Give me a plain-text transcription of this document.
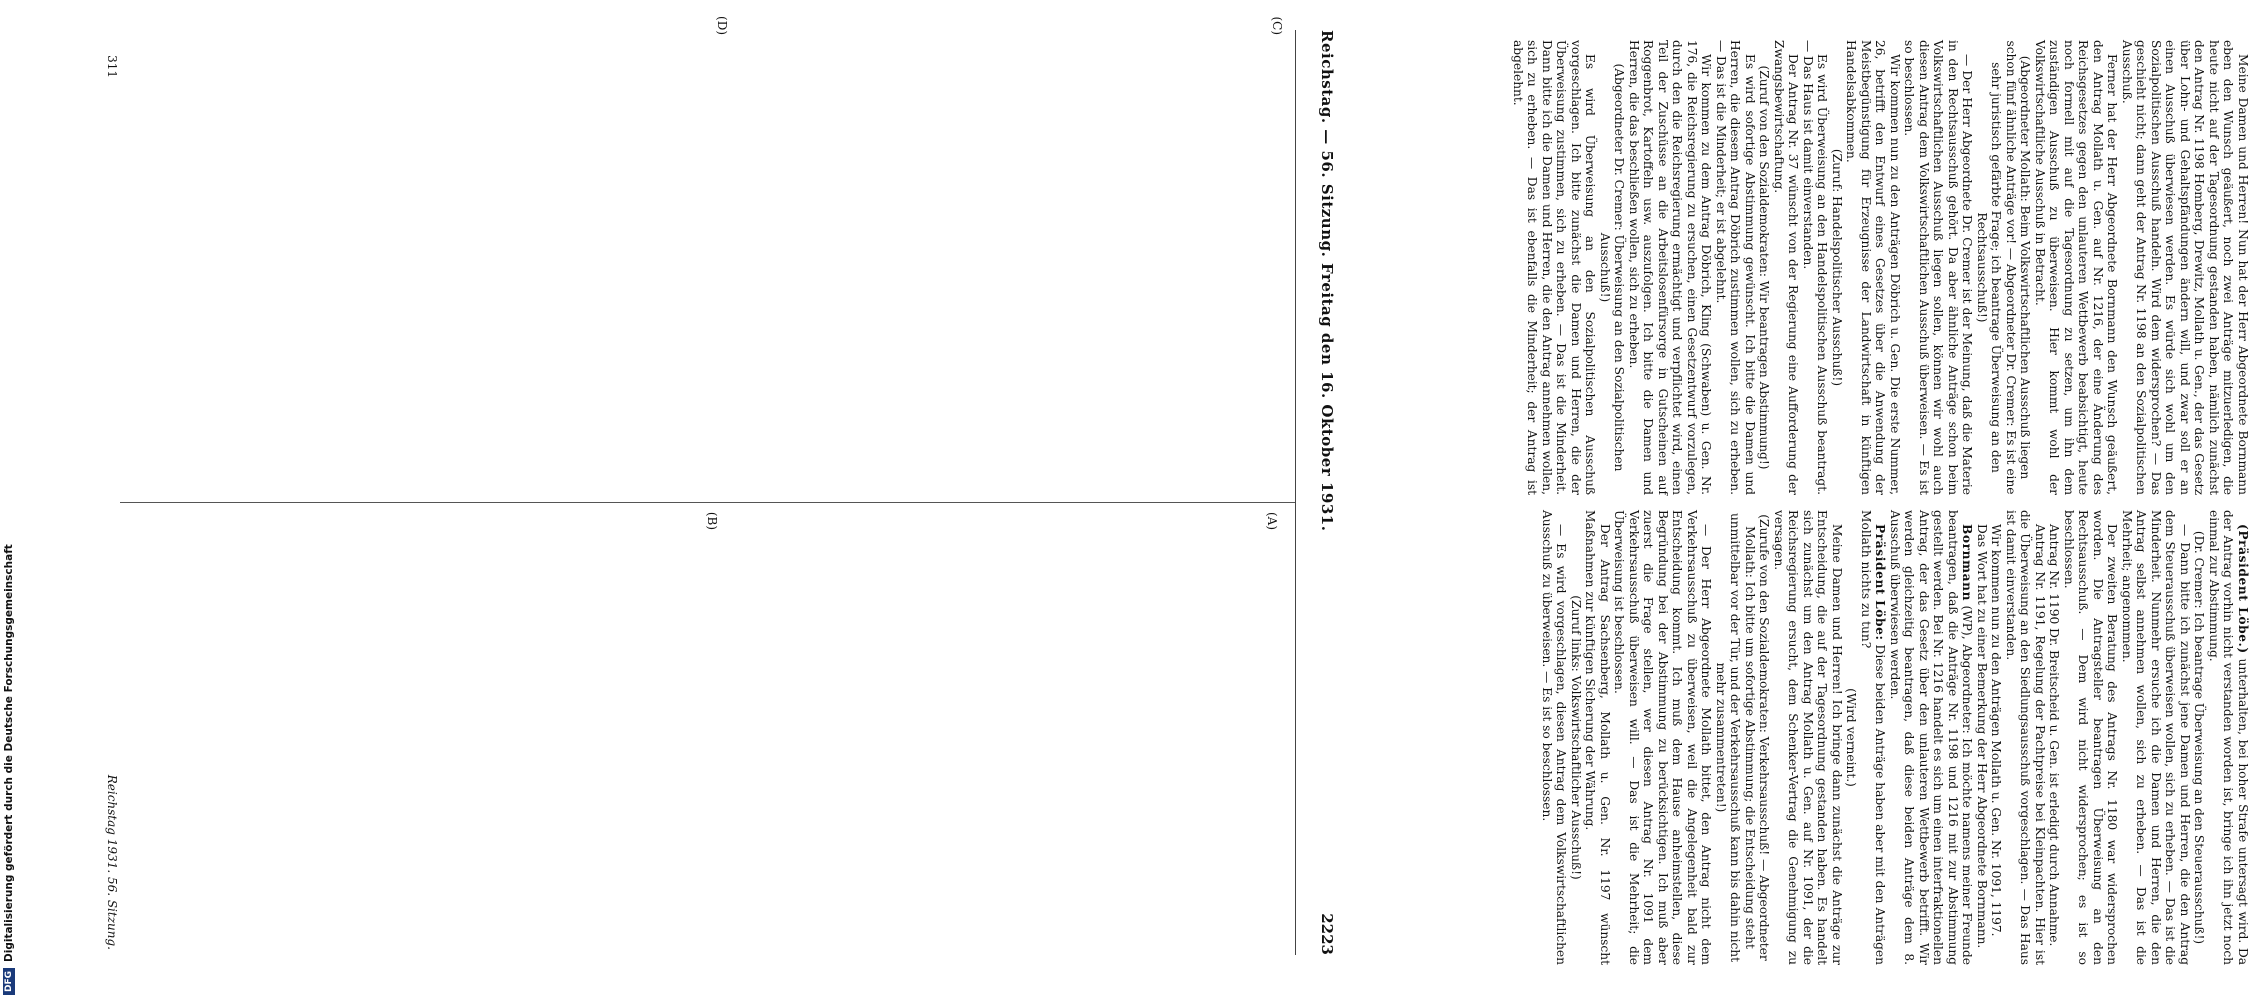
DFG
Digitalisierung gefördert durch die Deutsche Forschungsgemeinschaft	Reichstag 1931. 56. Sitzung.
311	Reichstag. — 56. Sitzung. Freitag den 16. Oktober 1931.
2223
(A)
(B)
(C)
(D)

(Präsident Löbe.) unterhalten, bei hoher Strafe untersagt wird. Da der Antrag vorhin nicht verstanden worden ist, bringe ich ihn jetzt noch einmal zur Abstimmung.

(Dr. Cremer: Ich beantrage Überweisung an den Steuerausschuß!)

— Dann bitte ich zunächst jene Damen und Herren, die den Antrag dem Steuerausschuß überweisen wollen, sich zu erheben. — Das ist die Minderheit. Nunmehr ersuche ich die Damen und Herren, die den Antrag selbst annehmen wollen, sich zu erheben. — Das ist die Mehrheit; angenommen.

Der zweiten Beratung des Antrags Nr. 1180 war widersprochen worden. Die Antragsteller beantragen Überweisung an den Rechtsausschuß. — Dem wird nicht widersprochen; es ist so beschlossen.

Antrag Nr. 1190 Dr. Breitscheid u. Gen. ist erledigt durch Annahme.

Antrag Nr. 1191, Regelung der Pachtpreise bei Kleinpachten. Hier ist die Überweisung an den Siedlungsausschuß vorgeschlagen. — Das Haus ist damit einverstanden.

Wir kommen nun zu den Anträgen Mollath u. Gen. Nr. 1091, 1197.

Das Wort hat zu einer Bemerkung der Herr Abgeordnete Bornmann.

Bornmann (WP), Abgeordneter: Ich möchte namens meiner Freunde beantragen, daß die Anträge Nr. 1198 und 1216 mit zur Abstimmung gestellt werden. Bei Nr. 1216 handelt es sich um einen interfraktionellen Antrag, der das Gesetz über den unlauteren Wettbewerb betrifft. Wir werden gleichzeitig beantragen, daß diese beiden Anträge dem 8. Ausschuß überwiesen werden.

Präsident Löbe: Diese beiden Anträge haben aber mit den Anträgen Mollath nichts zu tun?

(Wird verneint.)

Meine Damen und Herren! Ich bringe dann zunächst die Anträge zur Entscheidung, die auf der Tagesordnung gestanden haben. Es handelt sich zunächst um den Antrag Mollath u. Gen. auf Nr. 1091, der die Reichsregierung ersucht, dem Schenker-Vertrag die Genehmigung zu versagen.

(Zurufe von den Sozialdemokraten: Verkehrsausschuß! — Abgeordneter Mollath: Ich bitte um sofortige Abstimmung; die Entscheidung steht unmittelbar vor der Tür, und der Verkehrsausschuß kann bis dahin nicht mehr zusammentreten!)

— Der Herr Abgeordnete Mollath bittet, den Antrag nicht dem Verkehrsausschuß zu überweisen, weil die Angelegenheit bald zur Entscheidung kommt. Ich muß dem Hause anheimstellen, diese Begründung bei der Abstimmung zu berücksichtigen. Ich muß aber zuerst die Frage stellen, wer diesen Antrag Nr. 1091 dem Verkehrsausschuß überweisen will. — Das ist die Mehrheit; die Überweisung ist beschlossen.

Der Antrag Sachsenberg, Mollath u. Gen. Nr. 1197 wünscht Maßnahmen zur künftigen Sicherung der Währung.

(Zuruf links: Volkswirtschaftlicher Ausschuß!)

— Es wird vorgeschlagen, diesen Antrag dem Volkswirtschaftlichen Ausschuß zu überweisen. — Es ist so beschlossen.

Meine Damen und Herren! Nun hat der Herr Abgeordnete Bornmann eben den Wunsch geäußert, noch zwei Anträge mitzuerledigen, die heute nicht auf der Tagesordnung gestanden haben, nämlich zunächst den Antrag Nr. 1198 Homberg, Drewitz, Mollath u. Gen., der das Gesetz über Lohn- und Gehaltspfändungen ändern will, und zwar soll er an einen Ausschuß überwiesen werden. Es würde sich wohl um den Sozialpolitischen Ausschuß handeln. Wird dem widersprochen? — Das geschieht nicht; dann geht der Antrag Nr. 1198 an den Sozialpolitischen Ausschuß.

Ferner hat der Herr Abgeordnete Bornmann den Wunsch geäußert, den Antrag Mollath u. Gen. auf Nr. 1216, der eine Änderung des Reichsgesetzes gegen den unlauteren Wettbewerb beabsichtigt, heute noch formell mit auf die Tagesordnung zu setzen, um ihn dem zuständigen Ausschuß zu überweisen. Hier kommt wohl der Volkswirtschaftliche Ausschuß in Betracht.

(Abgeordneter Mollath: Beim Volkswirtschaftlichen Ausschuß liegen schon fünf ähnliche Anträge vor! — Abgeordneter Dr. Cremer: Es ist eine sehr juristisch gefärbte Frage; ich beantrage Überweisung an den Rechtsausschuß!)

— Der Herr Abgeordnete Dr. Cremer ist der Meinung, daß die Materie in den Rechtsausschuß gehört. Da aber ähnliche Anträge schon beim Volkswirtschaftlichen Ausschuß liegen sollen, können wir wohl auch diesen Antrag dem Volkswirtschaftlichen Ausschuß überweisen. — Es ist so beschlossen.

Wir kommen nun zu den Anträgen Döbrich u. Gen. Die erste Nummer, 26, betrifft den Entwurf eines Gesetzes über die Anwendung der Meistbegünstigung für Erzeugnisse der Landwirtschaft in künftigen Handelsabkommen.

(Zuruf: Handelspolitischer Ausschuß!)

Es wird Überweisung an den Handelspolitischen Ausschuß beantragt. — Das Haus ist damit einverstanden.

Der Antrag Nr. 37 wünscht von der Regierung eine Aufforderung der Zwangsbewirtschaftung.

(Zuruf von den Sozialdemokraten: Wir beantragen Abstimmung!)

Es wird sofortige Abstimmung gewünscht. Ich bitte die Damen und Herren, die diesem Antrag Döbrich zustimmen wollen, sich zu erheben. — Das ist die Minderheit; er ist abgelehnt.

Wir kommen zu dem Antrag Döbrich, Kling (Schwaben) u. Gen. Nr. 176, die Reichsregierung zu ersuchen, einen Gesetzentwurf vorzulegen, durch den die Reichsregierung ermächtigt und verpflichtet wird, einen Teil der Zuschüsse an die Arbeitslosenfürsorge in Gutscheinen auf Roggenbrot, Kartoffeln usw. auszufolgen. Ich bitte die Damen und Herren, die das beschließen wollen, sich zu erheben.

(Abgeordneter Dr. Cremer: Überweisung an den Sozialpolitischen Ausschuß!)

Es wird Überweisung an den Sozialpolitischen Ausschuß vorgeschlagen. Ich bitte zunächst die Damen und Herren, die der Überweisung zustimmen, sich zu erheben. — Das ist die Minderheit. Dann bitte ich die Damen und Herren, die den Antrag annehmen wollen, sich zu erheben. — Das ist ebenfalls die Minderheit; der Antrag ist abgelehnt.
